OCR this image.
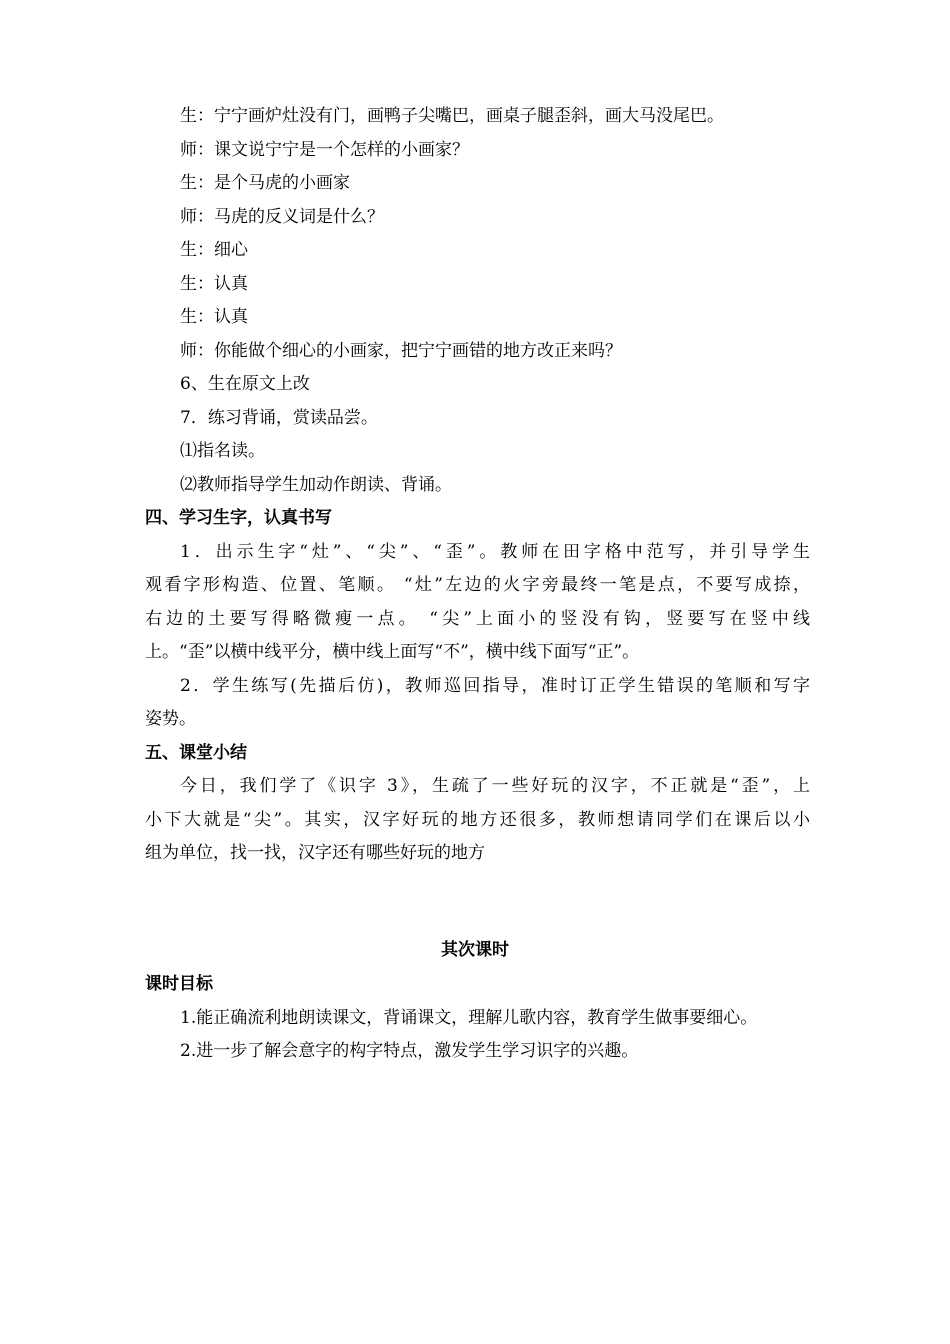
生：宁宁画炉灶没有门，画鸭子尖嘴巴，画桌子腿歪斜，画大马没尾巴。
师：课文说宁宁是一个怎样的小画家？
生：是个马虎的小画家
师：马虎的反义词是什么？
生：细心
生：认真
生：认真
师：你能做个细心的小画家，把宁宁画错的地方改正来吗？
6、生在原文上改
7．练习背诵，赏读品尝。
⑴指名读。
⑵教师指导学生加动作朗读、背诵。
四、学习生字，认真书写
1．出示生字“灶”、“尖”、“歪”。教师在田字格中范写，并引导学生
观看字形构造、位置、笔顺。 “灶”左边的火字旁最终一笔是点，不要写成捺，
右边的土要写得略微瘦一点。 “尖”上面小的竖没有钩，竖要写在竖中线
上。“歪”以横中线平分，横中线上面写“不”，横中线下面写“正”。
2．学生练写(先描后仿)，教师巡回指导，准时订正学生错误的笔顺和写字
姿势。
五、课堂小结
今日，我们学了《识字 3》，生疏了一些好玩的汉字，不正就是“歪”，上
小下大就是“尖”。其实，汉字好玩的地方还很多，教师想请同学们在课后以小
组为单位，找一找，汉字还有哪些好玩的地方
其次课时
课时目标
1.能正确流利地朗读课文，背诵课文，理解儿歌内容，教育学生做事要细心。
2.进一步了解会意字的构字特点，激发学生学习识字的兴趣。
